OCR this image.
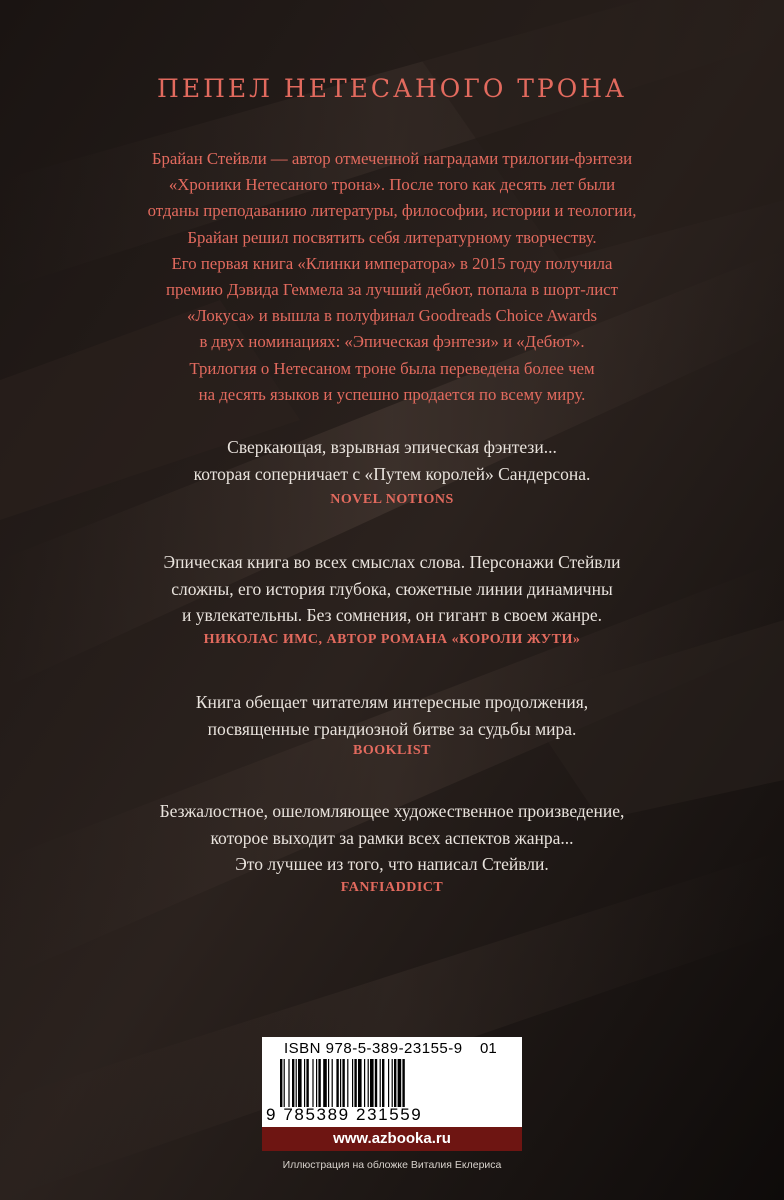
ПЕПЕЛ НЕТЕСАНОГО ТРОНА
Брайан Стейвли — автор отмеченной наградами трилогии-фэнтези
«Хроники Нетесаного трона». После того как десять лет были
отданы преподаванию литературы, философии, истории и теологии,
Брайан решил посвятить себя литературному творчеству.
Его первая книга «Клинки императора» в 2015 году получила
премию Дэвида Геммела за лучший дебют, попала в шорт-лист
«Локуса» и вышла в полуфинал Goodreads Choice Awards
в двух номинациях: «Эпическая фэнтези» и «Дебют».
Трилогия о Нетесаном троне была переведена более чем
на десять языков и успешно продается по всему миру.
Сверкающая, взрывная эпическая фэнтези...
которая соперничает с «Путем королей» Сандерсона.
NOVEL NOTIONS
Эпическая книга во всех смыслах слова. Персонажи Стейвли
сложны, его история глубока, сюжетные линии динамичны
и увлекательны. Без сомнения, он гигант в своем жанре.
НИКОЛАС ИМС, АВТОР РОМАНА «КОРОЛИ ЖУТИ»
Книга обещает читателям интересные продолжения,
посвященные грандиозной битве за судьбы мира.
BOOKLIST
Безжалостное, ошеломляющее художественное произведение,
которое выходит за рамки всех аспектов жанра...
Это лучшее из того, что написал Стейвли.
FANFIADDICT
ISBN 978-5-389-23155-9 01
9 785389 231559
www.azbooka.ru
Иллюстрация на обложке Виталия Еклериса
